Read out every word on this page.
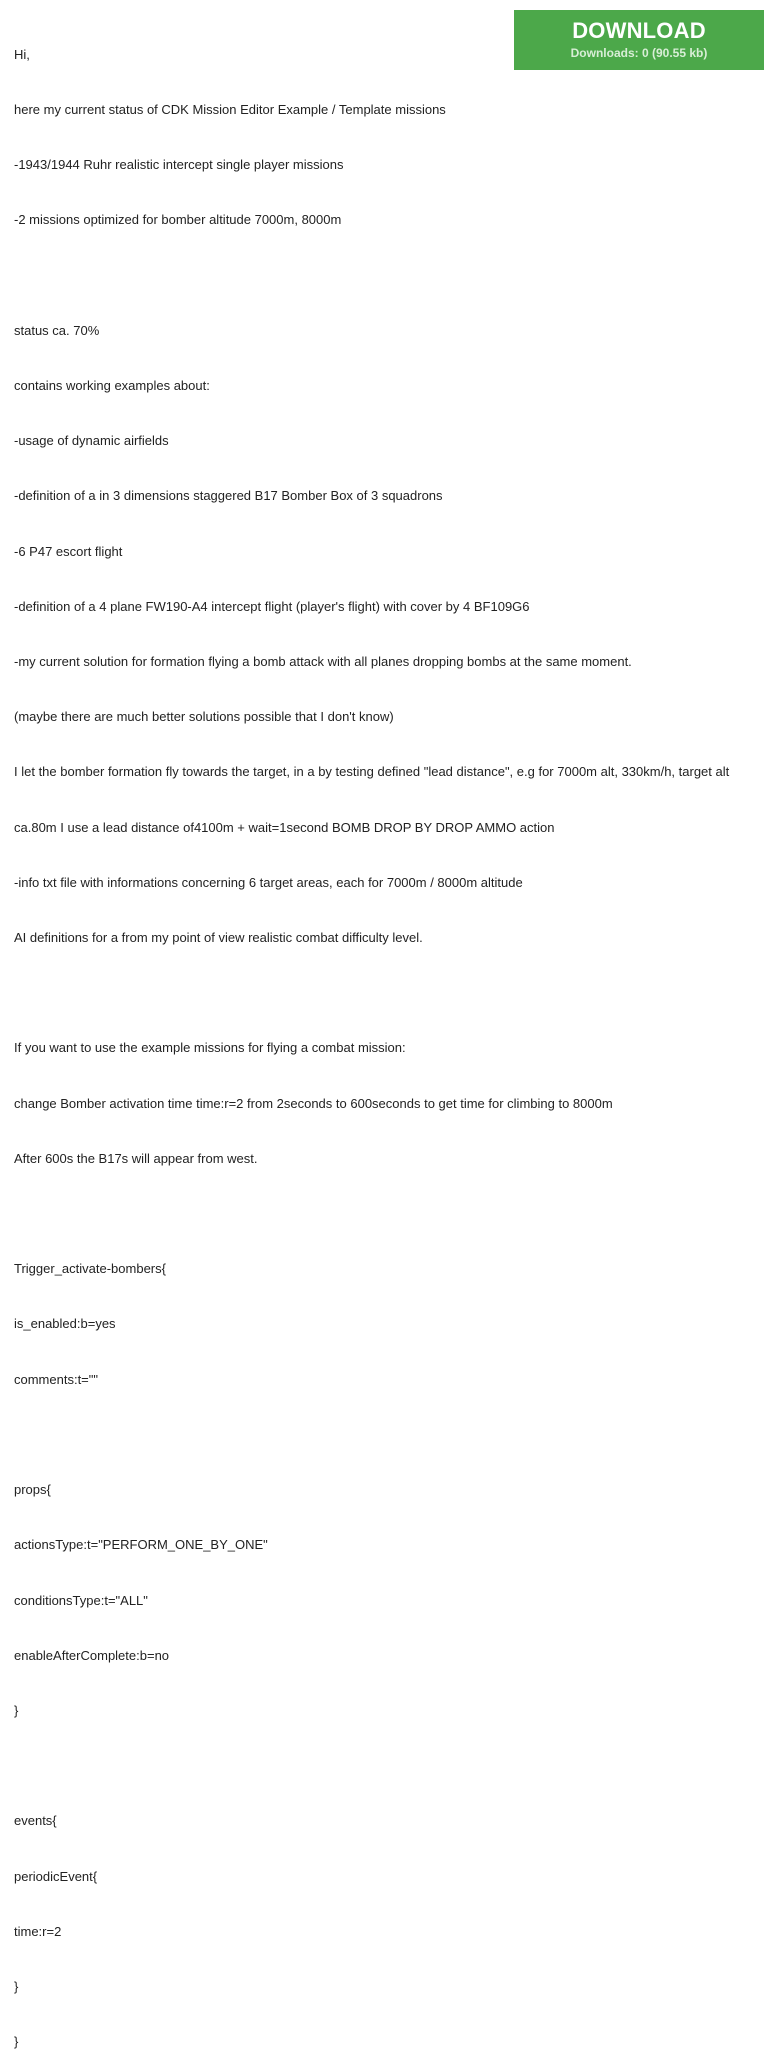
DOWNLOAD
Downloads: 0 (90.55 kb)

Hi,

here my current status of CDK Mission Editor Example / Template missions

-1943/1944 Ruhr realistic intercept single player missions

-2 missions optimized for bomber altitude 7000m, 8000m

status ca. 70%

contains working examples about:

-usage of dynamic airfields

-definition of a in 3 dimensions staggered B17 Bomber Box of 3 squadrons

-6 P47 escort flight

-definition of a 4 plane FW190-A4 intercept flight (player's flight) with cover by 4 BF109G6

-my current solution for formation flying a bomb attack with all planes dropping bombs at the same moment.

(maybe there are much better solutions possible that I don't know)

I let the bomber formation fly towards the target, in a by testing defined "lead distance", e.g for 7000m alt, 330km/h, target alt

ca.80m I use a lead distance of4100m + wait=1second BOMB DROP BY DROP AMMO action

-info txt file with informations concerning 6 target areas, each for 7000m / 8000m altitude

AI definitions for a from my point of view realistic combat difficulty level.

If you want to use the example missions for flying a combat mission:

change Bomber activation time time:r=2 from 2seconds to 600seconds to get time for climbing to 8000m

After 600s the B17s will appear from west.

Trigger_activate-bombers{

is_enabled:b=yes

comments:t=""

props{

actionsType:t="PERFORM_ONE_BY_ONE"

conditionsType:t="ALL"

enableAfterComplete:b=no

}

events{

periodicEvent{

time:r=2

}

}
